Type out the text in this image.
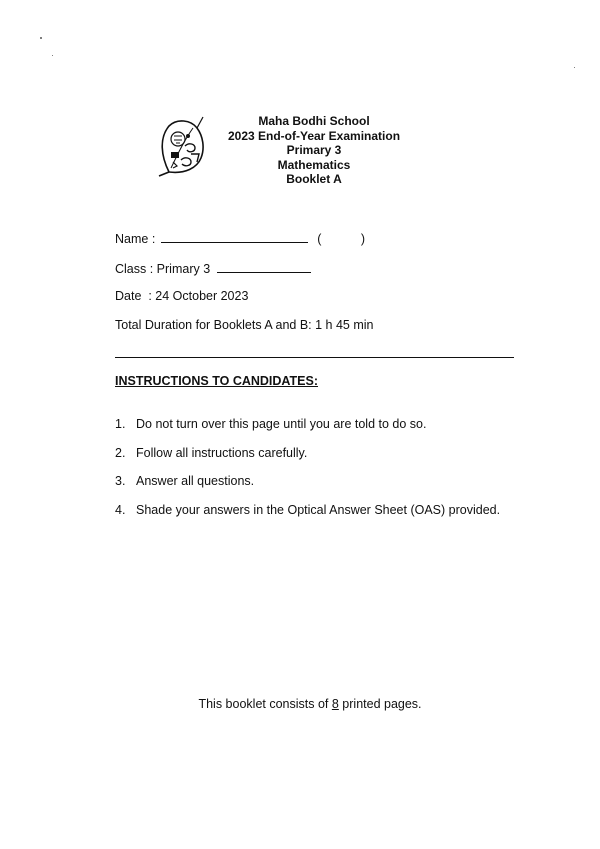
Maha Bodhi School
2023 End-of-Year Examination
Primary 3
Mathematics
Booklet A
Name :	(	)
Class : Primary 3
Date  : 24 October 2023
Total Duration for Booklets A and B: 1 h 45 min
INSTRUCTIONS TO CANDIDATES:
1. Do not turn over this page until you are told to do so.
2. Follow all instructions carefully.
3. Answer all questions.
4. Shade your answers in the Optical Answer Sheet (OAS) provided.
This booklet consists of 8 printed pages.
